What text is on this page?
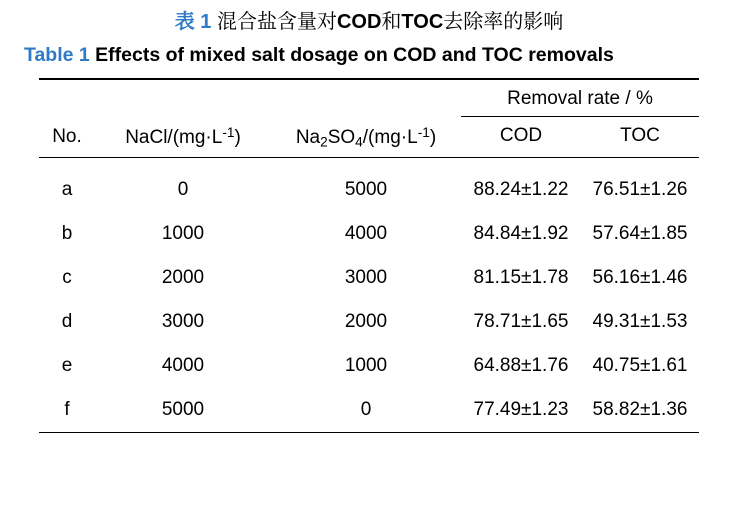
表 1 混合盐含量对COD和TOC去除率的影响
Table 1 Effects of mixed salt dosage on COD and TOC removals
			Removal rate / %	
No.	NaCl/$(mg\cdot L^{-1})$	$Na_2SO_4/(mg\cdot L^{-1})$	COD	TOC

a	0	5000	88.24±1.22	76.51±1.26
b	1000	4000	84.84±1.92	57.64±1.85
c	2000	3000	81.15±1.78	56.16±1.46
d	3000	2000	78.71±1.65	49.31±1.53
e	4000	1000	64.88±1.76	40.75±1.61
f	5000	0	77.49±1.23	58.82±1.36
